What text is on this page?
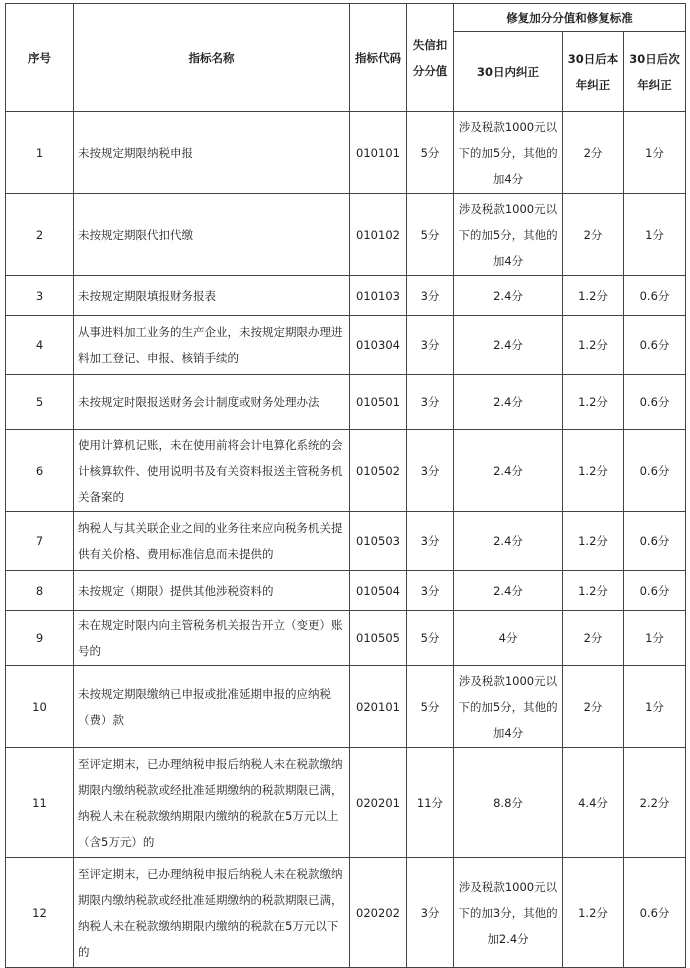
序号	指标名称	指标代码	失信扣分分值	修复加分分值和修复标准		
				30日内纠正	30日后本年纠正	30日后次年纠正
1	未按规定期限纳税申报	010101	5分	涉及税款1000元以下的加5分，其他的加4分	2分	1分
2	未按规定期限代扣代缴	010102	5分	涉及税款1000元以下的加5分，其他的加4分	2分	1分
3	未按规定期限填报财务报表	010103	3分	2.4分	1.2分	0.6分
4	从事进料加工业务的生产企业，未按规定期限办理进料加工登记、申报、核销手续的	010304	3分	2.4分	1.2分	0.6分
5	未按规定时限报送财务会计制度或财务处理办法	010501	3分	2.4分	1.2分	0.6分
6	使用计算机记账，未在使用前将会计电算化系统的会计核算软件、使用说明书及有关资料报送主管税务机关备案的	010502	3分	2.4分	1.2分	0.6分
7	纳税人与其关联企业之间的业务往来应向税务机关提供有关价格、费用标准信息而未提供的	010503	3分	2.4分	1.2分	0.6分
8	未按规定（期限）提供其他涉税资料的	010504	3分	2.4分	1.2分	0.6分
9	未在规定时限内向主管税务机关报告开立（变更）账号的	010505	5分	4分	2分	1分
10	未按规定期限缴纳已申报或批准延期申报的应纳税（费）款	020101	5分	涉及税款1000元以下的加5分，其他的加4分	2分	1分
11	至评定期末，已办理纳税申报后纳税人未在税款缴纳期限内缴纳税款或经批准延期缴纳的税款期限已满，纳税人未在税款缴纳期限内缴纳的税款在5万元以上（含5万元）的	020201	11分	8.8分	4.4分	2.2分
12	至评定期末，已办理纳税申报后纳税人未在税款缴纳期限内缴纳税款或经批准延期缴纳的税款期限已满，纳税人未在税款缴纳期限内缴纳的税款在5万元以下的	020202	3分	涉及税款1000元以下的加3分，其他的加2.4分	1.2分	0.6分
